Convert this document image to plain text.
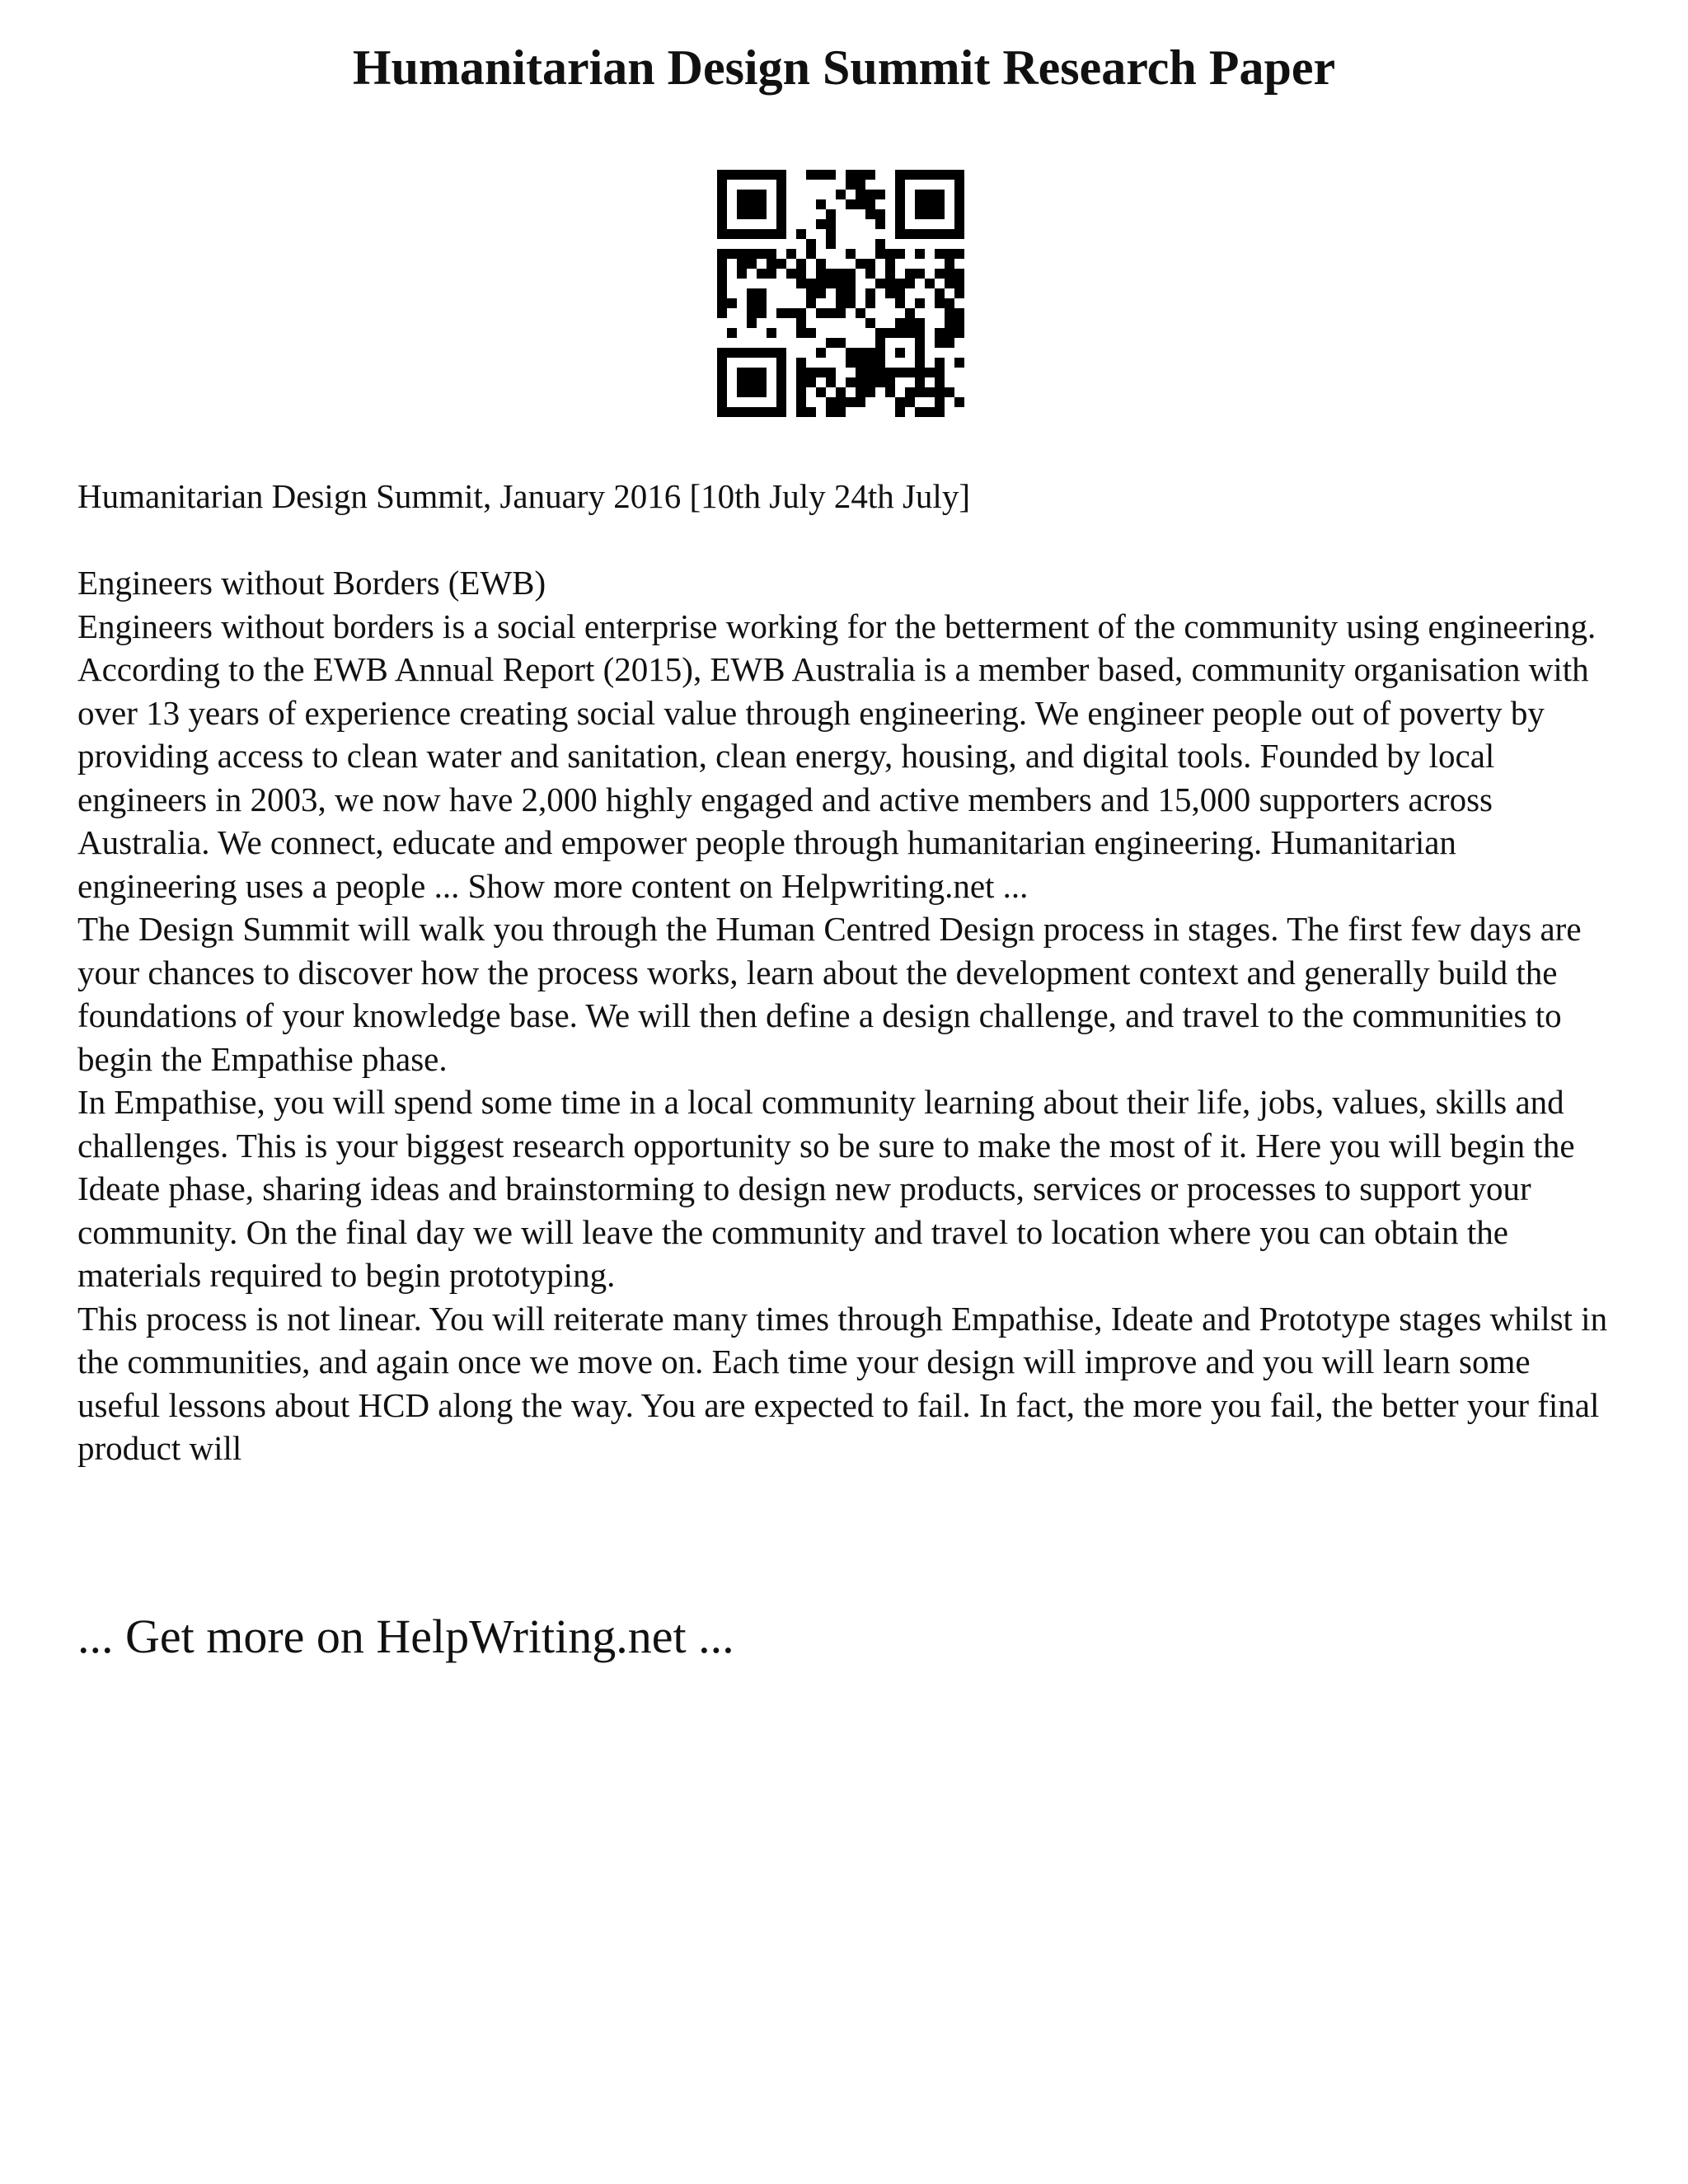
Humanitarian Design Summit Research Paper

Humanitarian Design Summit, January 2016 [10th July 24th July]

Engineers without Borders (EWB)

Engineers without borders is a social enterprise working for the betterment of the community using engineering.

According to the EWB Annual Report (2015), EWB Australia is a member based, community organisation with over 13 years of experience creating social value through engineering. We engineer people out of poverty by providing access to clean water and sanitation, clean energy, housing, and digital tools. Founded by local engineers in 2003, we now have 2,000 highly engaged and active members and 15,000 supporters across Australia. We connect, educate and empower people through humanitarian engineering. Humanitarian engineering uses a people ... Show more content on Helpwriting.net ...

The Design Summit will walk you through the Human Centred Design process in stages. The first few days are your chances to discover how the process works, learn about the development context and generally build the foundations of your knowledge base. We will then define a design challenge, and travel to the communities to begin the Empathise phase.

In Empathise, you will spend some time in a local community learning about their life, jobs, values, skills and challenges. This is your biggest research opportunity so be sure to make the most of it. Here you will begin the Ideate phase, sharing ideas and brainstorming to design new products, services or processes to support your community. On the final day we will leave the community and travel to location where you can obtain the materials required to begin prototyping.

This process is not linear. You will reiterate many times through Empathise, Ideate and Prototype stages whilst in the communities, and again once we move on. Each time your design will improve and you will learn some useful lessons about HCD along the way. You are expected to fail. In fact, the more you fail, the better your final product will

... Get more on HelpWriting.net ...
